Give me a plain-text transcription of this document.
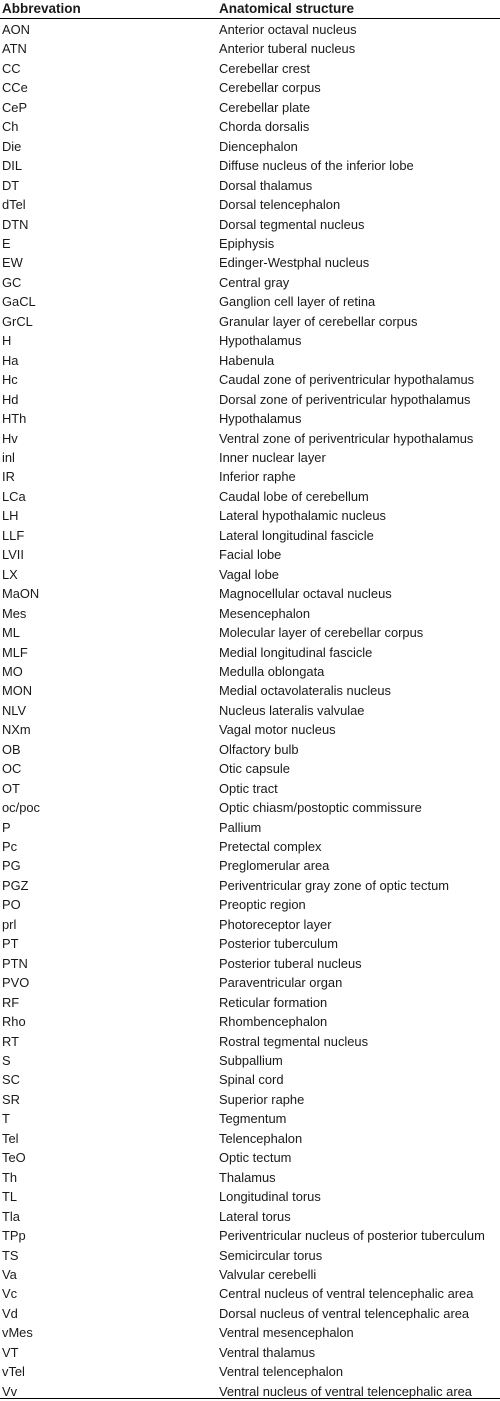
Abbrevation	Anatomical structure
AON	Anterior octaval nucleus
ATN	Anterior tuberal nucleus
CC	Cerebellar crest
CCe	Cerebellar corpus
CeP	Cerebellar plate
Ch	Chorda dorsalis
Die	Diencephalon
DIL	Diffuse nucleus of the inferior lobe
DT	Dorsal thalamus
dTel	Dorsal telencephalon
DTN	Dorsal tegmental nucleus
E	Epiphysis
EW	Edinger-Westphal nucleus
GC	Central gray
GaCL	Ganglion cell layer of retina
GrCL	Granular layer of cerebellar corpus
H	Hypothalamus
Ha	Habenula
Hc	Caudal zone of periventricular hypothalamus
Hd	Dorsal zone of periventricular hypothalamus
HTh	Hypothalamus
Hv	Ventral zone of periventricular hypothalamus
inl	Inner nuclear layer
IR	Inferior raphe
LCa	Caudal lobe of cerebellum
LH	Lateral hypothalamic nucleus
LLF	Lateral longitudinal fascicle
LVII	Facial lobe
LX	Vagal lobe
MaON	Magnocellular octaval nucleus
Mes	Mesencephalon
ML	Molecular layer of cerebellar corpus
MLF	Medial longitudinal fascicle
MO	Medulla oblongata
MON	Medial octavolateralis nucleus
NLV	Nucleus lateralis valvulae
NXm	Vagal motor nucleus
OB	Olfactory bulb
OC	Otic capsule
OT	Optic tract
oc/poc	Optic chiasm/postoptic commissure
P	Pallium
Pc	Pretectal complex
PG	Preglomerular area
PGZ	Periventricular gray zone of optic tectum
PO	Preoptic region
prl	Photoreceptor layer
PT	Posterior tuberculum
PTN	Posterior tuberal nucleus
PVO	Paraventricular organ
RF	Reticular formation
Rho	Rhombencephalon
RT	Rostral tegmental nucleus
S	Subpallium
SC	Spinal cord
SR	Superior raphe
T	Tegmentum
Tel	Telencephalon
TeO	Optic tectum
Th	Thalamus
TL	Longitudinal torus
Tla	Lateral torus
TPp	Periventricular nucleus of posterior tuberculum
TS	Semicircular torus
Va	Valvular cerebelli
Vc	Central nucleus of ventral telencephalic area
Vd	Dorsal nucleus of ventral telencephalic area
vMes	Ventral mesencephalon
VT	Ventral thalamus
vTel	Ventral telencephalon
Vv	Ventral nucleus of ventral telencephalic area
